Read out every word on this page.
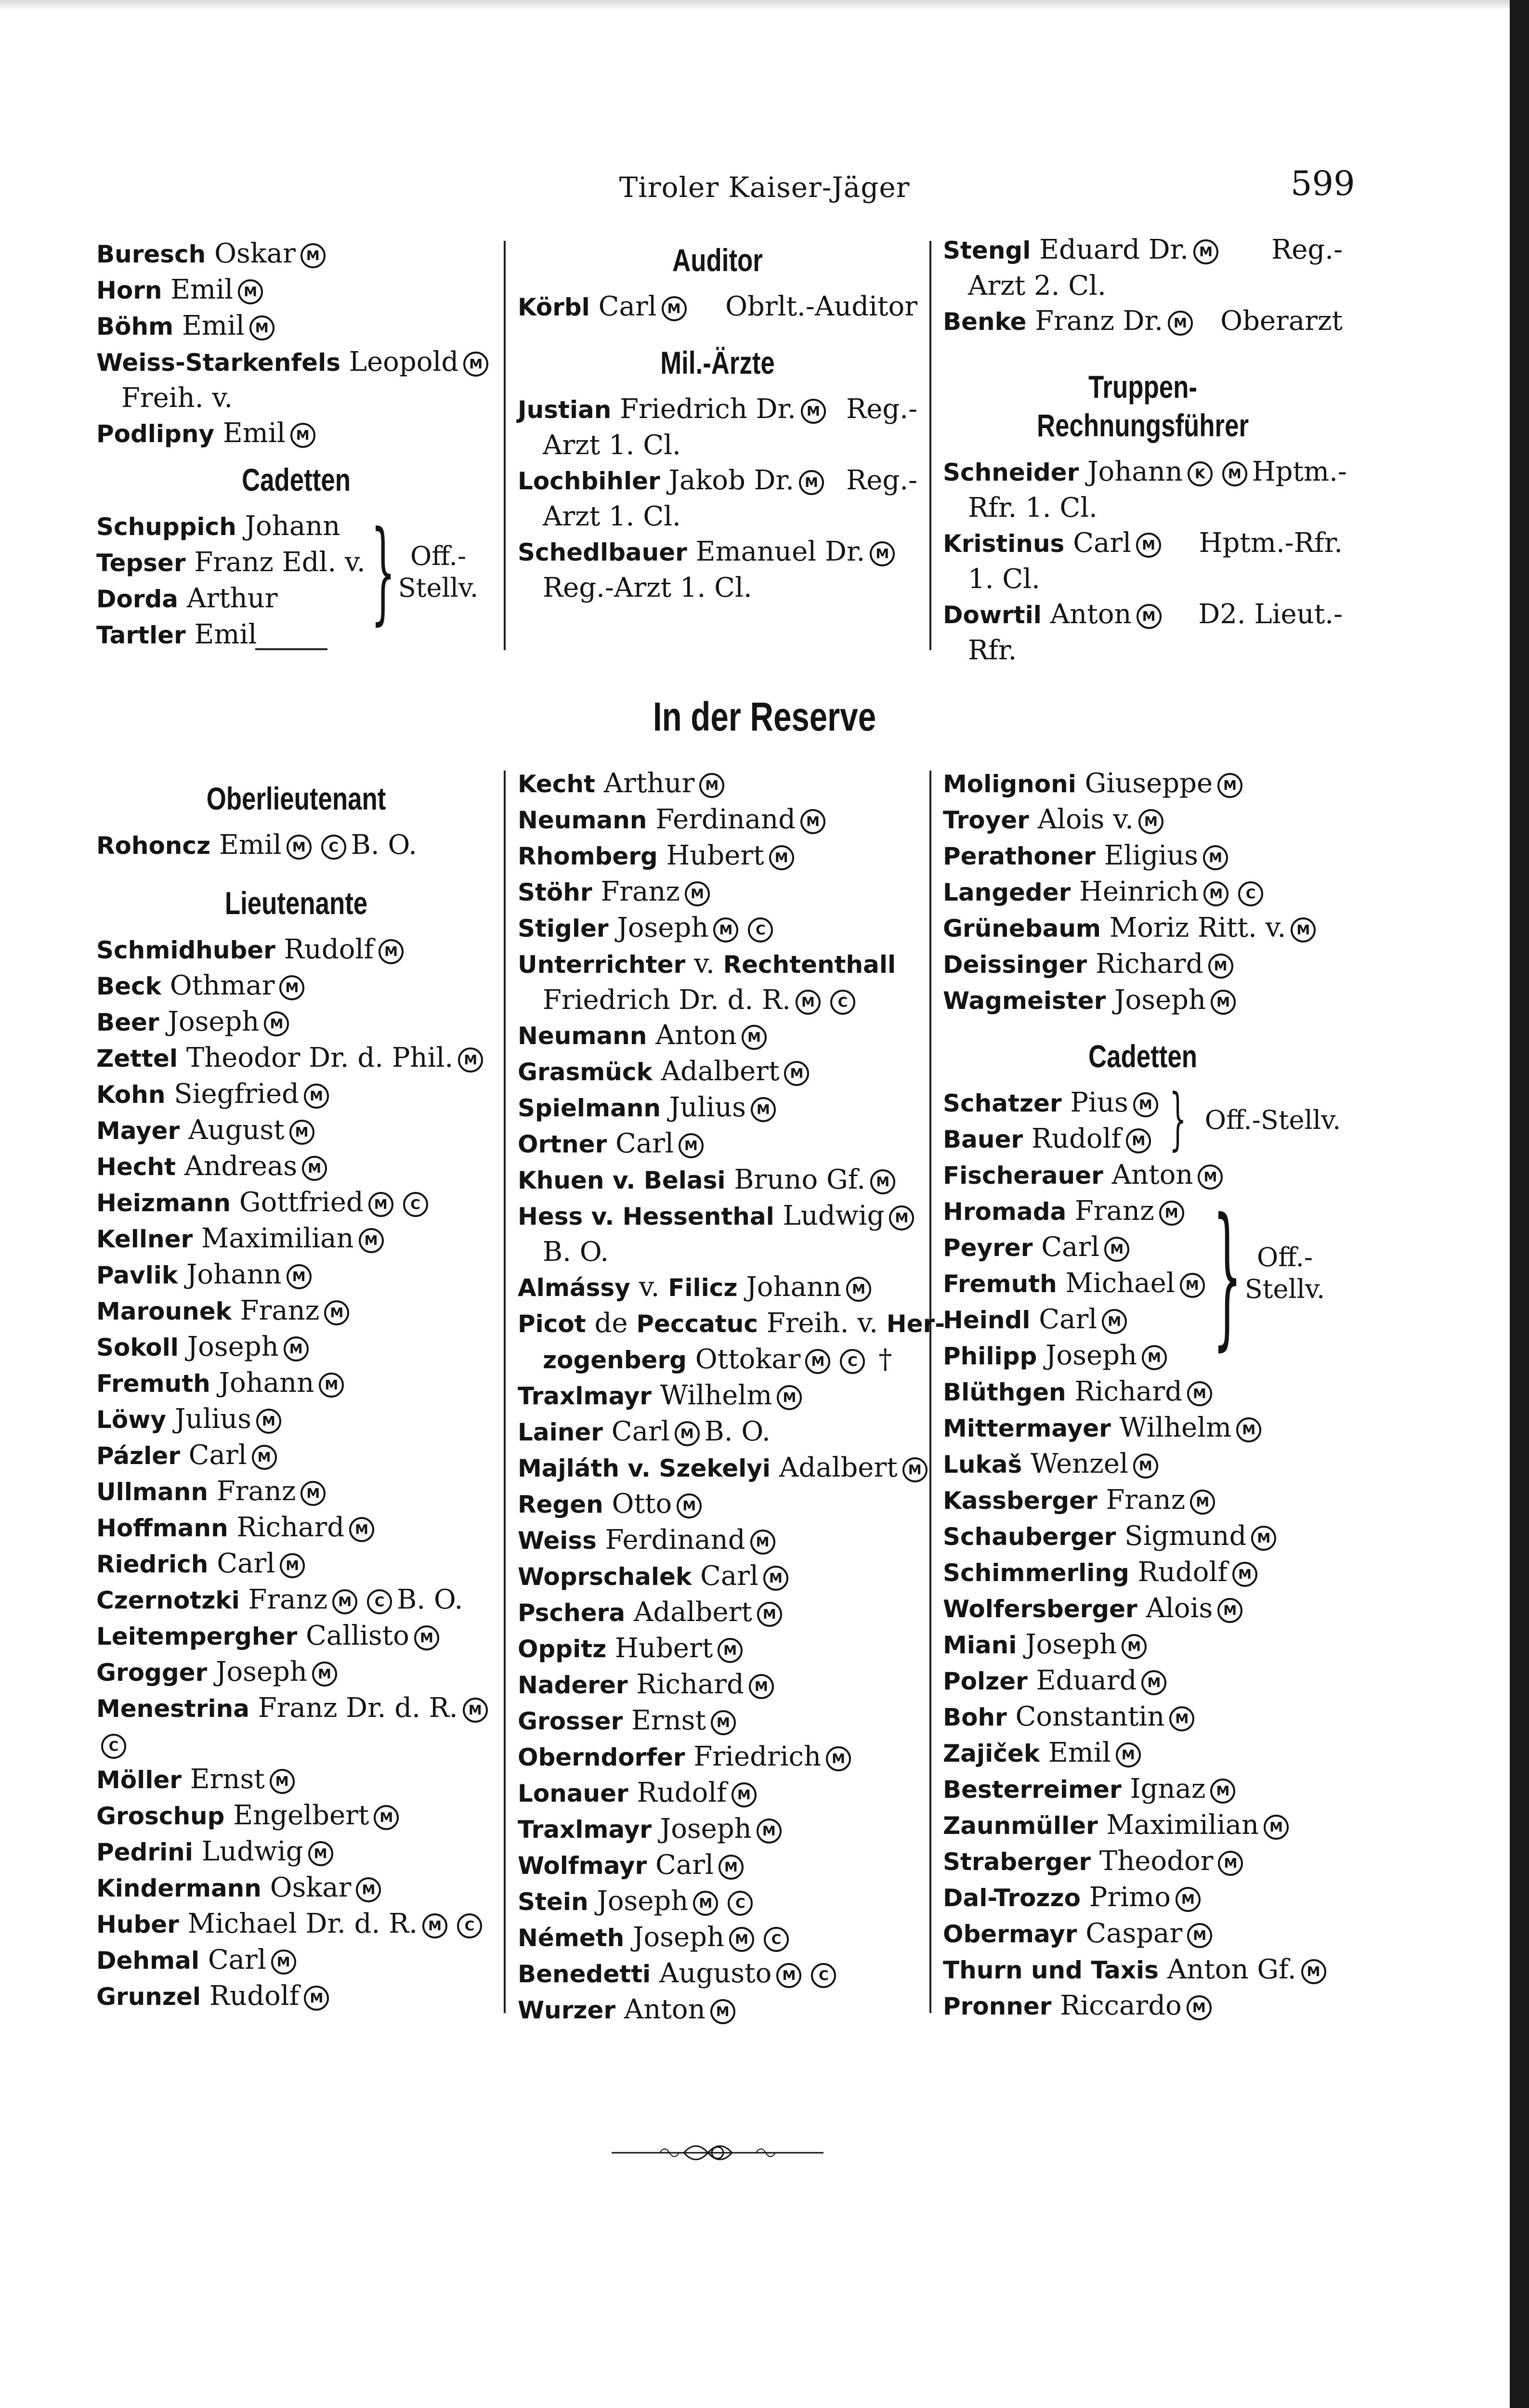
Tiroler Kaiser-Jäger	599
Buresch Oskar M
Horn Emil M
Böhm Emil M
Weiss-Starkenfels Leopold M
Freih. v.
Podlipny Emil M
Cadetten
Schuppich Johann
Tepser Franz Edl. v.
Dorda Arthur
Tartler Emil	} Off.-
Stellv.
Auditor
Körbl Carl M	Obrlt.-Auditor
Mil.-Ärzte
Justian Friedrich Dr. M Reg.-
Arzt 1. Cl.
Lochbihler Jakob Dr. M	Reg.-
Arzt 1. Cl.
Schedlbauer Emanuel Dr. M
Reg.-Arzt 1. Cl.
Stengl Eduard Dr. M	Reg.-
Arzt 2. Cl.
Benke Franz Dr. M	Oberarzt
Truppen-Rechnungsführer
Schneider Johann K M Hptm.-
Rfr. 1. Cl.
Kristinus Carl M	Hptm.-Rfr.
1. Cl.
Dowrtil Anton M	D2. Lieut.-
Rfr.
In der Reserve
Oberlieutenant
Rohoncz Emil M C B. O.
Lieutenante
Schmidhuber Rudolf M
Beck Othmar M
Beer Joseph M
Zettel Theodor Dr. d. Phil. M
Kohn Siegfried M
Mayer August M
Hecht Andreas M
Heizmann Gottfried M C
Kellner Maximilian M
Pavlik Johann M
Marounek Franz M
Sokoll Joseph M
Fremuth Johann M
Löwy Julius M
Pázler Carl M
Ullmann Franz M
Hoffmann Richard M
Riedrich Carl M
Czernotzki Franz M C B. O.
Leitempergher Callisto M
Grogger Joseph M
Menestrina Franz Dr. d. R. M
C
Möller Ernst M
Groschup Engelbert M
Pedrini Ludwig M
Kindermann Oskar M
Huber Michael Dr. d. R. M C
Dehmal Carl M
Grunzel Rudolf M
Kecht Arthur M
Neumann Ferdinand M
Rhomberg Hubert M
Stöhr Franz M
Stigler Joseph M C
Unterrichter v. Rechtenthall
Friedrich Dr. d. R. M C
Neumann Anton M
Grasmück Adalbert M
Spielmann Julius M
Ortner Carl M
Khuen v. Belasi Bruno Gf. M
Hess v. Hessenthal Ludwig M
B. O.
Almássy v. Filicz Johann M
Picot de Peccatuc Freih. v. Her-
zogenberg Ottokar M C †
Traxlmayr Wilhelm M
Lainer Carl M B. O.
Majláth v. Szekelyi Adalbert M
Regen Otto M
Weiss Ferdinand M
Woprschalek Carl M
Pschera Adalbert M
Oppitz Hubert M
Naderer Richard M
Grosser Ernst M
Oberndorfer Friedrich M
Lonauer Rudolf M
Traxlmayr Joseph M
Wolfmayr Carl M
Stein Joseph M C
Németh Joseph M C
Benedetti Augusto M C
Wurzer Anton M
Molignoni Giuseppe M
Troyer Alois v. M
Perathoner Eligius M
Langeder Heinrich M C
Grünebaum Moriz Ritt. v. M
Deissinger Richard M
Wagmeister Joseph M
Cadetten
Schatzer Pius M
Bauer Rudolf M } Off.-Stellv.
Fischerauer Anton M
Hromada Franz M
Peyrer Carl M
Fremuth Michael M
Heindl Carl M
Philipp Joseph M } Off.-
Stellv.
Blüthgen Richard M
Mittermayer Wilhelm M
Lukaš Wenzel M
Kassberger Franz M
Schauberger Sigmund M
Schimmerling Rudolf M
Wolfersberger Alois M
Miani Joseph M
Polzer Eduard M
Bohr Constantin M
Zajiček Emil M
Besterreimer Ignaz M
Zaunmüller Maximilian M
Straberger Theodor M
Dal-Trozzo Primo M
Obermayr Caspar M
Thurn und Taxis Anton Gf. M
Pronner Riccardo M
